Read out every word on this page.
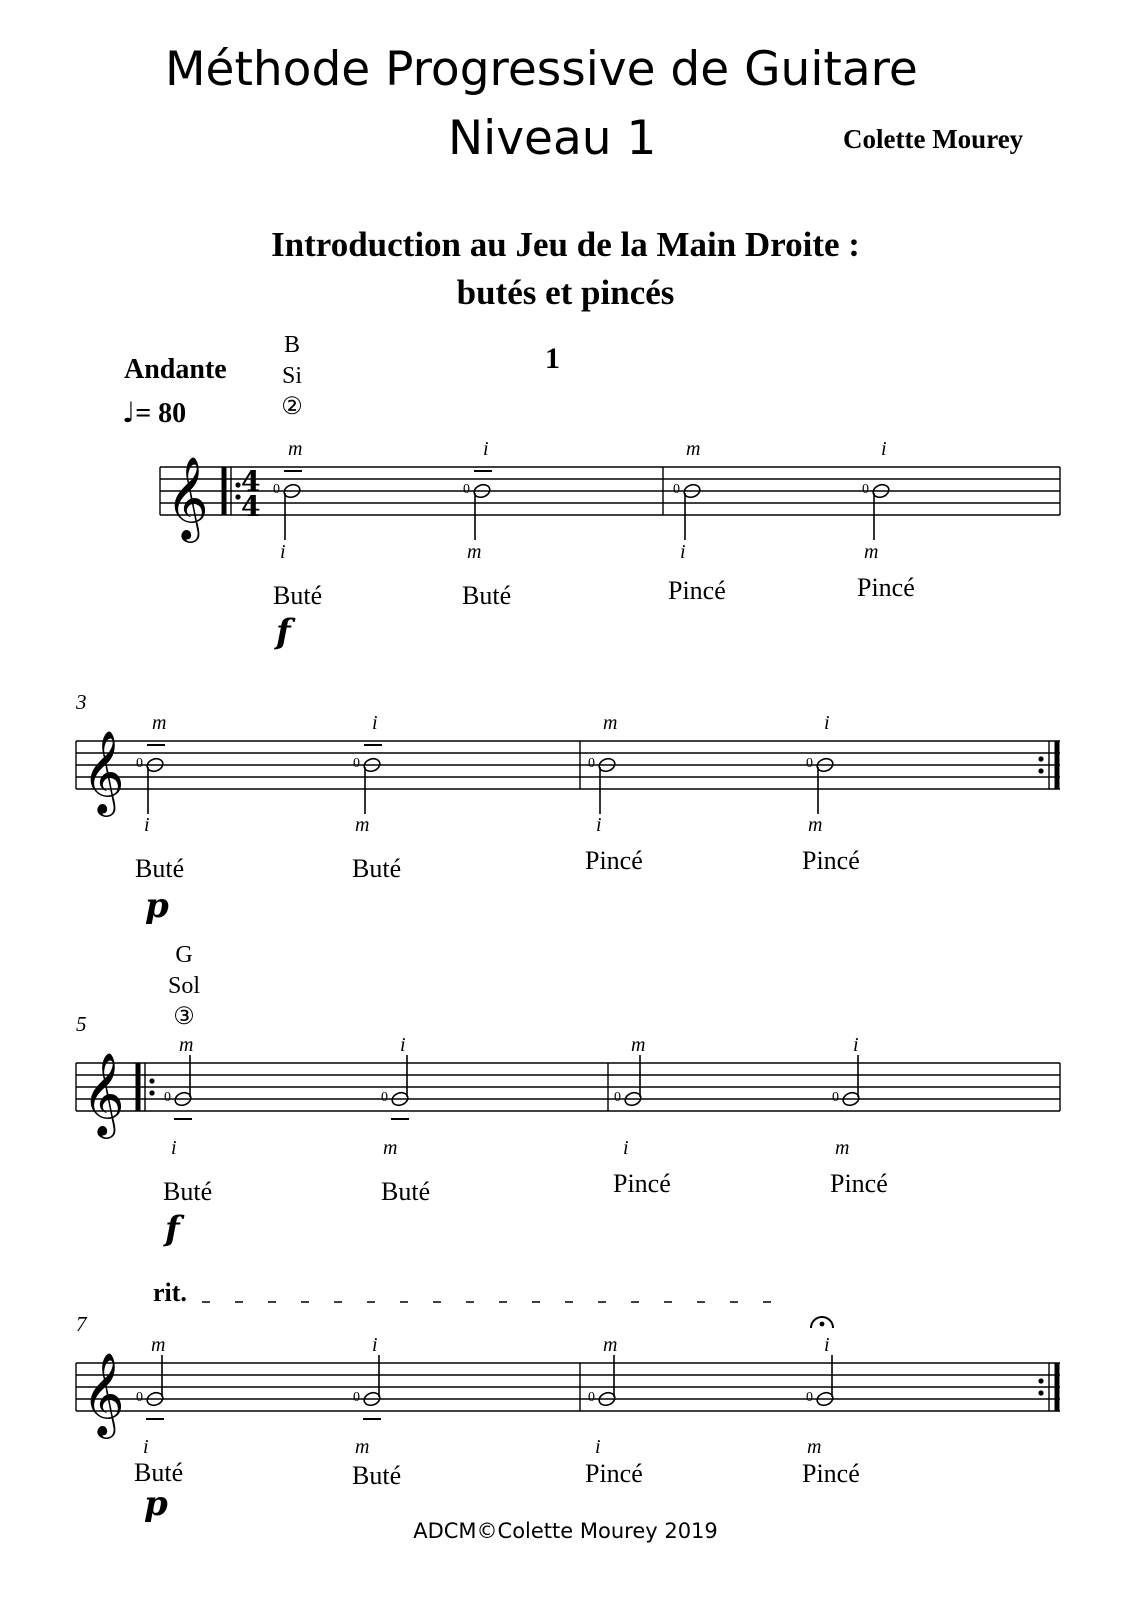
Méthode Progressive de Guitare
Niveau 1	Colette Mourey
Introduction au Jeu de la Main Droite :
butés et pincés
1
Andante
♩= 80
B
Si
②
G
Sol
③
3
5
7
rit.
𝄞 4
4
𝄞
𝄞
𝄞
0	0	0	0
0	0	0	0
0	0	0	0
0	0	0	0
m	i	m	i
i	m	i	m
Buté	Buté	Pincé	Pincé
f
m	i	m	i
i	m	i	m
Buté	Buté	Pincé	Pincé
p
m	i	m	i
i	m	i	m
Buté	Buté	Pincé	Pincé
f
m	i	m	i
i	m	i	m
Buté	Buté	Pincé	Pincé
p
ADCM©Colette Mourey 2019
